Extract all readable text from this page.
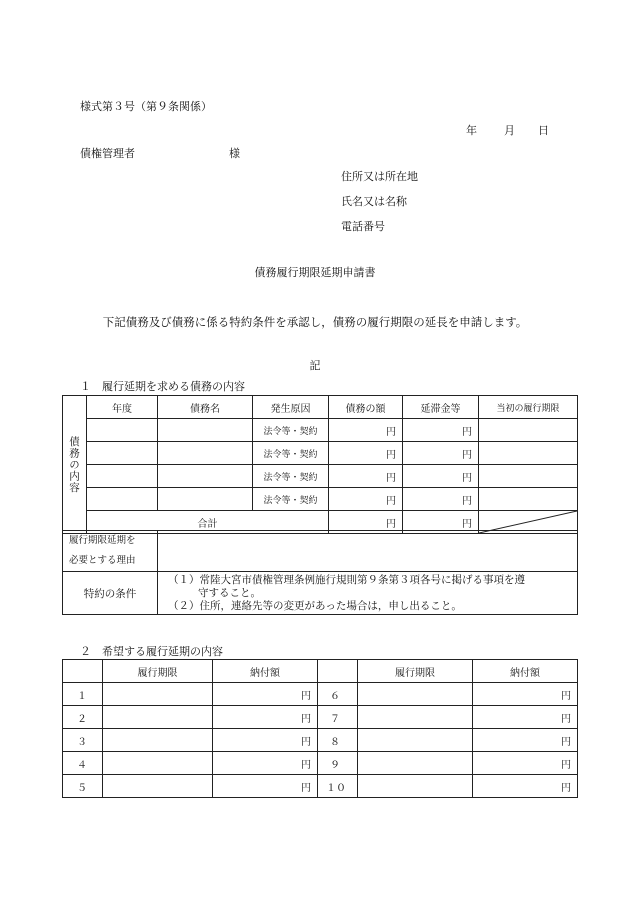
様式第３号（第９条関係）
年	月	日
債権管理者	様
住所又は所在地
氏名又は名称
電話番号
債務履行期限延期申請書
下記債務及び債務に係る特約条件を承認し，債務の履行期限の延長を申請します。
記
１ 履行延期を求める債務の内容
債務の内容	年度	債務名	発生原因	債務の額	延滞金等	当初の履行期限
			法令等・契約	円	円	
			法令等・契約	円	円	
			法令等・契約	円	円	
			法令等・契約	円	円	
	合計			円	円	
履行期限延期を
必要とする理由	

特約の条件	（１）常陸大宮市債権管理条例施行規則第９条第３項各号に掲げる事項を遵
守すること。
（２）住所，連絡先等の変更があった場合は，申し出ること。
２ 希望する履行延期の内容
	履行期限	納付額		履行期限	納付額
１		円	６		円
２		円	７		円
３		円	８		円
４		円	９		円
５		円	１０		円
